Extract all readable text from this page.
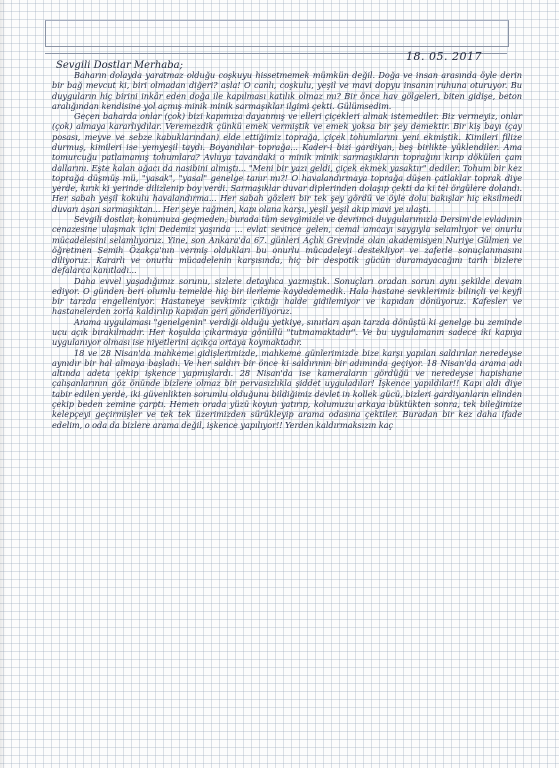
18. 05. 2017
Sevgili Dostlar Merhaba;

Baharın dolayda yaratmaz olduğu coşkuyu hissetmemek mümkün değil. Doğa ve insan arasında öyle derin bir bağ mevcut ki, biri olmadan diğeri? asla! O canlı, coşkulu, yeşil ve mavi dopyu insanın ruhuna oturuyor. Bu duyguların hiç birini inkâr eden doğa ile kapılması katılık olmaz mı? Bir önce hav gölgeleri, biten gidişe, beton aralığından kendisine yol açmış minik minik sarmaşıklar ilgimi çekti. Gülümsedim.

Geçen baharda onlar (çok) bizi kapımıza dayanmış ve elleri çiçekleri almak istemediler. Biz vermeyiz, onlar (çok) almaya kararlıydılar. Veremezdik çünkü emek vermiştik ve emek yoksa bir şey demektir. Bir kiş bayı (çay posası, meyve ve sebze kabuklarından) elde ettiğimiz toprağa, çiçek tohumlarını yeni ekmiştik. Kimileri filize durmuş, kimileri ise yemyeşil taydı. Boyandılar toprağa... Kader-i bizi gardiyan, beş birlikte yüklendiler. Ama tomurcuğu patlamamış tohumlara? Avluya tavandaki o minik minik sarmaşıkların toprağını kırıp dökülen çam dallarını. Eşte kalan ağacı da nasibini almıştı... "Meni bir yazı geldi, çiçek ekmek yasaktır" dediler. Tohum bir kez toprağa düşmüş mü, "yasak", "yasal" genelge tanır mı?! O havalandırmaya toprağa düşen çatlaklar toprak diye yerde, kırık ki yerinde dilizlenip boy verdi. Sarmaşıklar duvar diplerinden dolaşıp çekti da ki tel örgülere dolandı. Her sabah yeşil kokulu havalandırma... Her sabah gözleri bir tek şey gördü ve öyle dolu bakışlar hiç eksilmedi duvarı aşan sarmaşıktan... Her şeye rağmen, kapı olana karşı, yeşil yeşil akıp mavi ye ulaştı.

Sevgili dostlar, konumuza geçmeden, burada tüm sevgimizle ve devrimci duygularımızla Dersim'de evladının cenazesine ulaşmak için Dedemiz yaşında ... evlat sevince gelen, cemal amcayı saygıyla selamlıyor ve onurlu mücadelesini selamlıyoruz. Yine, son Ankara'da 67. günleri Açlık Grevinde olan akademisyen Nuriye Gülmen ve öğretmen Semih Özakça'nın vermiş oldukları bu onurlu mücadeleyi destekliyor ve zaferle sonuçlanmasını diliyoruz. Kararlı ve onurlu mücadelenin karşısında, hiç bir despotik gücün duramayacağını tarih bizlere defalarca kanıtladı...

Daha evvel yaşadığımız sorunu, sizlere detaylıca yazmıştık. Sonuçları oradan sorun aynı şekilde devam ediyor. O günden beri olumlu temelde hiç bir ilerleme kaydedemedik. Hala hastane sevklerimiz bilinçli ve keyfi bir tarzda engelleniyor. Hastaneye sevkimiz çıktığı halde gidilemiyor ve kapıdan dönüyoruz. Kafesler ve hastanelerden zorla kaldırılıp kapıdan geri gönderiliyoruz.

Arama uygulaması "genelgenin" verdiği olduğu yetkiye, sınırları aşan tarzda dönüştü ki genelge bu zeminde ucu açık bırakılmadır. Her koşulda çıkarmaya gönüllü "tutmamaktadır". Ve bu uygulamanın sadece iki kapıya uygulanıyor olması ise niyetlerini açıkça ortaya koymaktadır.

18 ve 28 Nisan'da mahkeme gidişlerimizde, mahkeme günlerimizde bize karşı yapılan saldırılar neredeyse aynıdır bir hal almaya başladı. Ve her saldırı bir önce ki saldırının bir adımında geçiyor. 18 Nisan'da arama adı altında adeta çekip işkence yapmışlardı. 28 Nisan'da ise kameraların gördüğü ve neredeyse hapishane çalışanlarının göz önünde bizlere olmaz bir pervasızlıkla şiddet uyguladılar! İşkence yapıldılar!! Kapı aldı diye tabir edilen yerde, iki güvenlikten sorumlu olduğunu bildiğimiz devlet in kollek gücü, bizleri gardiyanların elinden çekip beden zemine çarptı. Hemen orada yüzü koyun yatırıp, kolumuzu arkaya büktükten sonra, tek bileğimize kelepçeyi geçirmişler ve tek tek üzerimizden sürükleyip arama odasına çektiler. Buradan bir kez daha ifade edelim, o oda da bizlere arama değil, işkence yapılıyor!! Yerden kaldırmaksızın kaç
